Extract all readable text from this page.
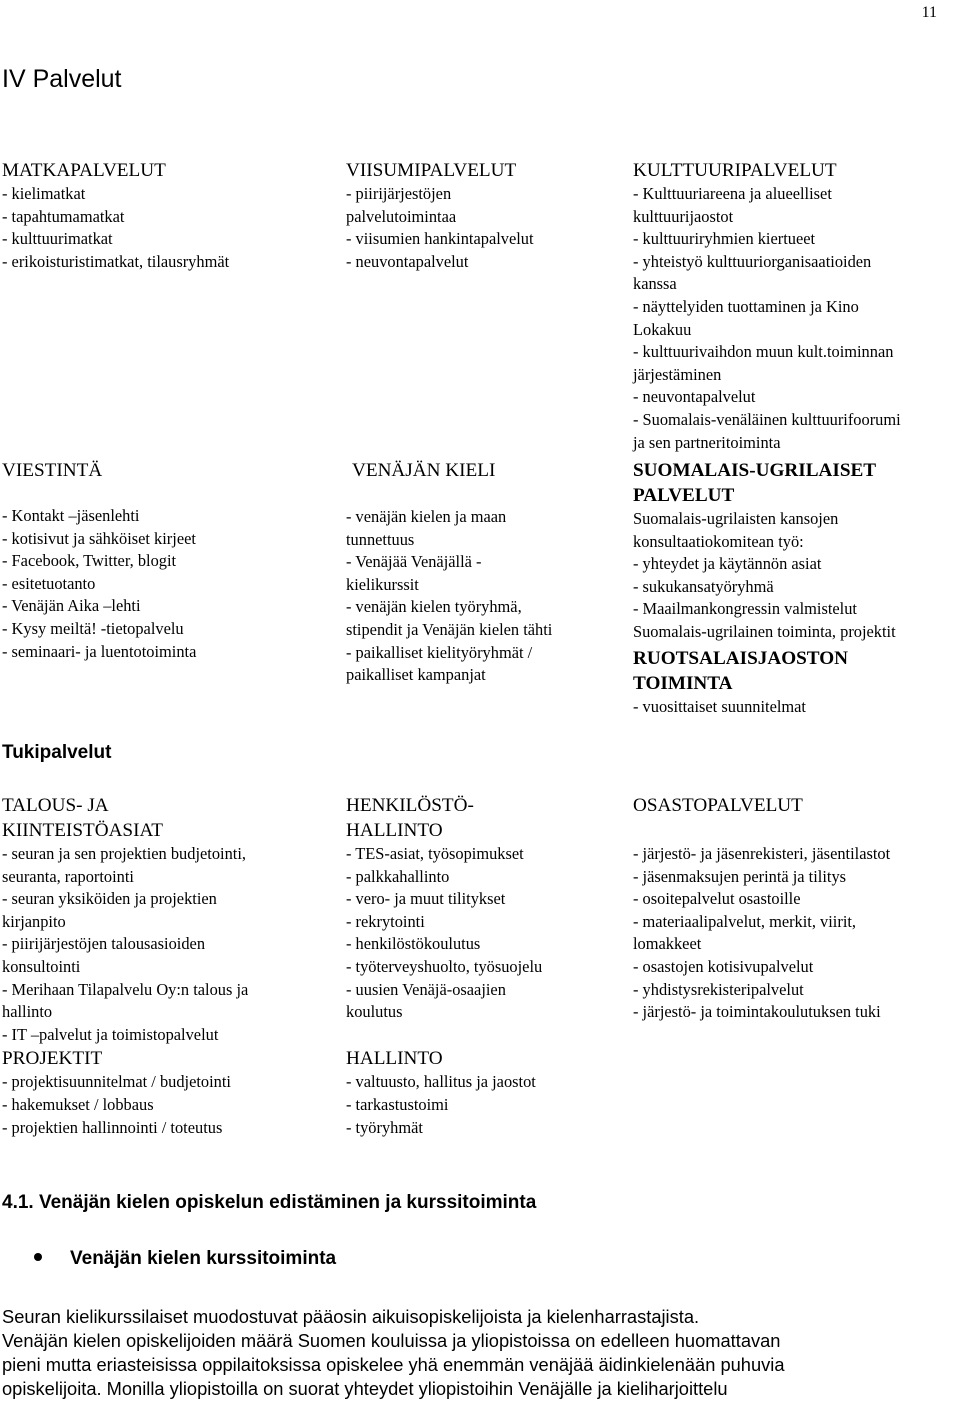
11
IV Palvelut
MATKAPALVELUT
- kielimatkat
- tapahtumamatkat
- kulttuurimatkat
- erikoisturistimatkat, tilausryhmät
VIISUMIPALVELUT
- piirijärjestöjen
palvelutoimintaa
- viisumien hankintapalvelut
- neuvontapalvelut
KULTTUURIPALVELUT
- Kulttuuriareena ja alueelliset
kulttuurijaostot
- kulttuuriryhmien kiertueet
- yhteistyö kulttuuriorganisaatioiden
kanssa
- näyttelyiden tuottaminen ja Kino
Lokakuu
- kulttuurivaihdon muun kult.toiminnan
järjestäminen
- neuvontapalvelut
- Suomalais-venäläinen kulttuurifoorumi
ja sen partneritoiminta
VIESTINTÄ
- Kontakt –jäsenlehti
- kotisivut ja sähköiset kirjeet
- Facebook, Twitter, blogit
- esitetuotanto
- Venäjän Aika –lehti
- Kysy meiltä! -tietopalvelu
- seminaari- ja luentotoiminta
VENÄJÄN KIELI
- venäjän kielen ja maan
tunnettuus
- Venäjää Venäjällä -
kielikurssit
- venäjän kielen työryhmä,
stipendit ja Venäjän kielen tähti
- paikalliset kielityöryhmät /
paikalliset kampanjat
SUOMALAIS-UGRILAISET
PALVELUT
Suomalais-ugrilaisten kansojen
konsultaatiokomitean työ:
- yhteydet ja käytännön asiat
- sukukansatyöryhmä
- Maailmankongressin valmistelut
Suomalais-ugrilainen toiminta, projektit
RUOTSALAISJAOSTON
TOIMINTA
- vuosittaiset suunnitelmat
Tukipalvelut
TALOUS- JA
KIINTEISTÖASIAT
- seuran ja sen projektien budjetointi,
seuranta, raportointi
- seuran yksiköiden ja projektien
kirjanpito
- piirijärjestöjen talousasioiden
konsultointi
- Merihaan Tilapalvelu Oy:n talous ja
hallinto
- IT –palvelut ja toimistopalvelut
PROJEKTIT
- projektisuunnitelmat / budjetointi
- hakemukset / lobbaus
- projektien hallinnointi / toteutus
HENKILÖSTÖ-
HALLINTO
- TES-asiat, työsopimukset
- palkkahallinto
- vero- ja muut tilitykset
- rekrytointi
- henkilöstökoulutus
- työterveyshuolto, työsuojelu
- uusien Venäjä-osaajien
koulutus
HALLINTO
- valtuusto, hallitus ja jaostot
- tarkastustoimi
- työryhmät
OSASTOPALVELUT
- järjestö- ja jäsenrekisteri, jäsentilastot
- jäsenmaksujen perintä ja tilitys
- osoitepalvelut osastoille
- materiaalipalvelut, merkit, viirit,
lomakkeet
- osastojen kotisivupalvelut
- yhdistysrekisteripalvelut
- järjestö- ja toimintakoulutuksen tuki
4.1. Venäjän kielen opiskelun edistäminen ja kurssitoiminta
Venäjän kielen kurssitoiminta
Seuran kielikurssilaiset muodostuvat pääosin aikuisopiskelijoista ja kielenharrastajista.
Venäjän kielen opiskelijoiden määrä Suomen kouluissa ja yliopistoissa on edelleen huomattavan
pieni mutta eriasteisissa oppilaitoksissa opiskelee yhä enemmän venäjää äidinkielenään puhuvia
opiskelijoita. Monilla yliopistoilla on suorat yhteydet yliopistoihin Venäjälle ja kieliharjoittelu
